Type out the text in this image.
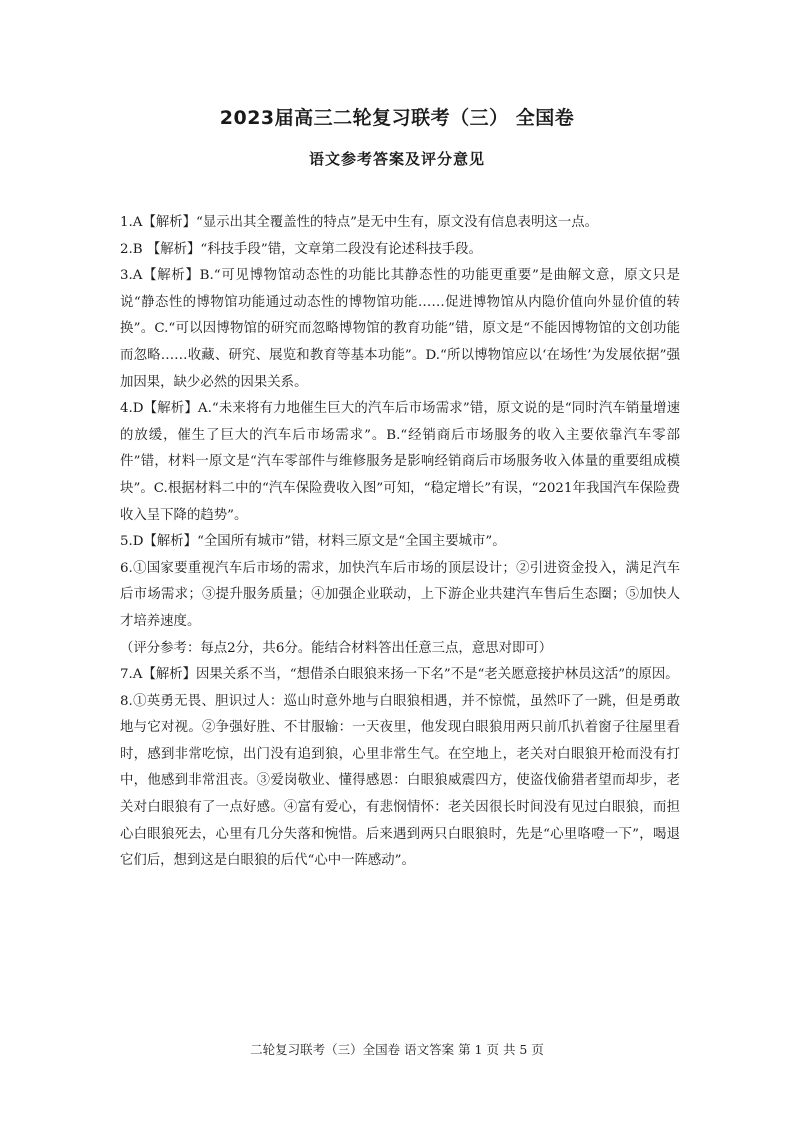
2023届高三二轮复习联考（三） 全国卷
语文参考答案及评分意见

1.A【解析】“显示出其全覆盖性的特点”是无中生有，原文没有信息表明这一点。

2.B 【解析】“科技手段”错，文章第二段没有论述科技手段。

3.A【解析】B.“可见博物馆动态性的功能比其静态性的功能更重要”是曲解文意，原文只是说“静态性的博物馆功能通过动态性的博物馆功能……促进博物馆从内隐价值向外显价值的转换”。C.“可以因博物馆的研究而忽略博物馆的教育功能”错，原文是“不能因博物馆的文创功能而忽略……收藏、研究、展览和教育等基本功能”。D.“所以博物馆应以‘在场性’为发展依据”强加因果，缺少必然的因果关系。

4.D【解析】A.“未来将有力地催生巨大的汽车后市场需求”错，原文说的是“同时汽车销量增速的放缓，催生了巨大的汽车后市场需求”。B.“经销商后市场服务的收入主要依靠汽车零部件”错，材料一原文是“汽车零部件与维修服务是影响经销商后市场服务收入体量的重要组成模块”。C.根据材料二中的“汽车保险费收入图”可知，“稳定增长”有误，“2021年我国汽车保险费收入呈下降的趋势”。

5.D【解析】“全国所有城市”错，材料三原文是“全国主要城市”。

6.①国家要重视汽车后市场的需求，加快汽车后市场的顶层设计；②引进资金投入，满足汽车后市场需求；③提升服务质量；④加强企业联动，上下游企业共建汽车售后生态圈；⑤加快人才培养速度。

（评分参考：每点2分，共6分。能结合材料答出任意三点，意思对即可）

7.A【解析】因果关系不当，“想借杀白眼狼来扬一下名”不是“老关愿意接护林员这活”的原因。

8.①英勇无畏、胆识过人：巡山时意外地与白眼狼相遇，并不惊慌，虽然吓了一跳，但是勇敢地与它对视。②争强好胜、不甘服输：一天夜里，他发现白眼狼用两只前爪扒着窗子往屋里看时，感到非常吃惊，出门没有追到狼，心里非常生气。在空地上，老关对白眼狼开枪而没有打中，他感到非常沮丧。③爱岗敬业、懂得感恩：白眼狼威震四方，使盗伐偷猎者望而却步，老关对白眼狼有了一点好感。④富有爱心，有悲悯情怀：老关因很长时间没有见过白眼狼，而担心白眼狼死去，心里有几分失落和惋惜。后来遇到两只白眼狼时，先是“心里咯噔一下”，喝退它们后，想到这是白眼狼的后代“心中一阵感动”。

二轮复习联考（三）全国卷 语文答案 第 1 页 共 5 页
